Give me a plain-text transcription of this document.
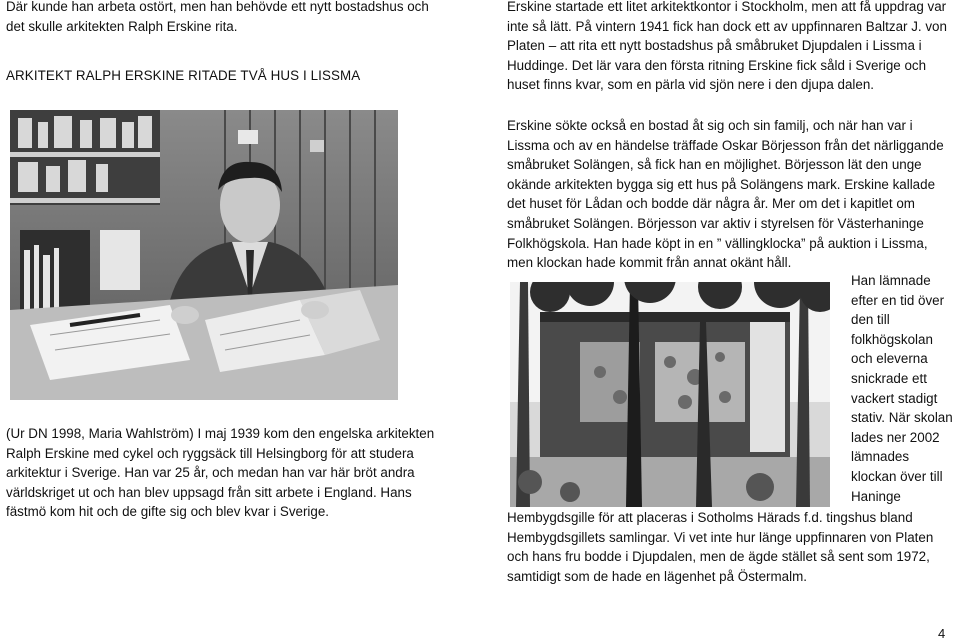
Där kunde han arbeta ostört, men han behövde ett nytt bostadshus och det skulle arkitekten Ralph Erskine rita.

ARKITEKT RALPH ERSKINE RITADE TVÅ HUS I LISSMA

(Ur DN 1998, Maria Wahlström) I maj 1939 kom den engelska arkitekten Ralph Erskine med cykel och ryggsäck till Helsingborg för att studera arkitektur i Sverige. Han var 25 år, och medan han var här bröt andra världskriget ut och han blev uppsagd från sitt arbete i England. Hans fästmö kom hit och de gifte sig och blev kvar i Sverige.

Erskine startade ett litet arkitektkontor i Stockholm, men att få uppdrag var inte så lätt. På vintern 1941 fick han dock ett av uppfinnaren Baltzar J. von Platen – att rita ett nytt bostadshus på småbruket Djupdalen i Lissma i Huddinge. Det lär vara den första ritning Erskine fick såld i Sverige och huset finns kvar, som en pärla vid sjön nere i den djupa dalen.

Erskine sökte också en bostad åt sig och sin familj, och när han var i Lissma och av en händelse träffade Oskar Börjesson från det närliggande småbruket Solängen, så fick han en möjlighet. Börjesson lät den unge okände arkitekten bygga sig ett hus på Solängens mark. Erskine kallade det huset för Lådan och bodde där några år. Mer om det i kapitlet om småbruket Solängen. Börjesson var aktiv i styrelsen för Västerhaninge Folkhögskola. Han hade köpt in en ” vällingklocka” på auktion i Lissma, men klockan hade kommit från annat okänt håll.

Han lämnade efter en tid över den till folkhögskolan och eleverna snickrade ett vackert stadigt stativ. När skolan lades ner 2002 lämnades klockan över till Haninge

Hembygdsgille för att placeras i Sotholms Härads f.d. tingshus bland Hembygdsgillets samlingar. Vi vet inte hur länge uppfinnaren von Platen och hans fru bodde i Djupdalen, men de ägde stället så sent som 1972, samtidigt som de hade en lägenhet på Östermalm.

4
